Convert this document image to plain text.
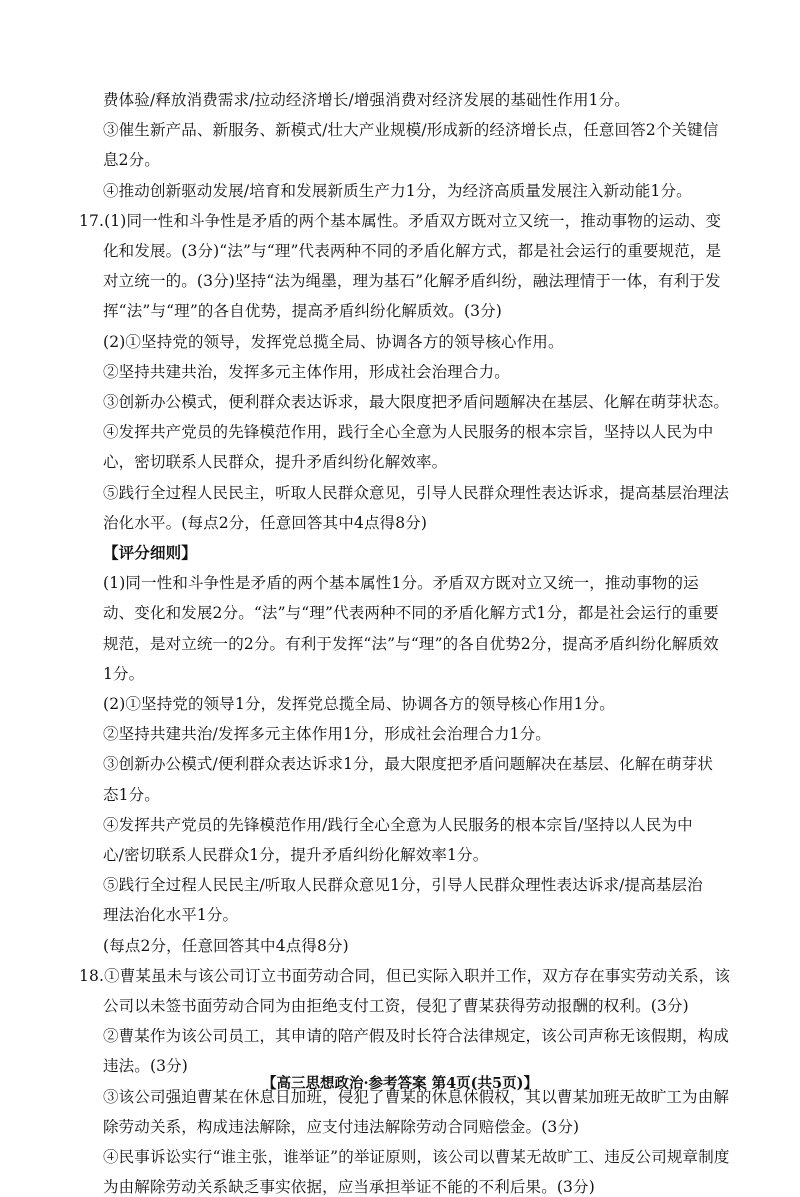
费体验/释放消费需求/拉动经济增长/增强消费对经济发展的基础性作用1分。
③催生新产品、新服务、新模式/壮大产业规模/形成新的经济增长点，任意回答2个关键信
息2分。
④推动创新驱动发展/培育和发展新质生产力1分，为经济高质量发展注入新动能1分。
17.(1)同一性和斗争性是矛盾的两个基本属性。矛盾双方既对立又统一，推动事物的运动、变
化和发展。(3分)“法”与“理”代表两种不同的矛盾化解方式，都是社会运行的重要规范，是
对立统一的。(3分)坚持“法为绳墨，理为基石”化解矛盾纠纷，融法理情于一体，有利于发
挥“法”与“理”的各自优势，提高矛盾纠纷化解质效。(3分)
(2)①坚持党的领导，发挥党总揽全局、协调各方的领导核心作用。
②坚持共建共治，发挥多元主体作用，形成社会治理合力。
③创新办公模式，便利群众表达诉求，最大限度把矛盾问题解决在基层、化解在萌芽状态。
④发挥共产党员的先锋模范作用，践行全心全意为人民服务的根本宗旨，坚持以人民为中
心，密切联系人民群众，提升矛盾纠纷化解效率。
⑤践行全过程人民民主，听取人民群众意见，引导人民群众理性表达诉求，提高基层治理法
治化水平。(每点2分，任意回答其中4点得8分)
【评分细则】
(1)同一性和斗争性是矛盾的两个基本属性1分。矛盾双方既对立又统一，推动事物的运
动、变化和发展2分。“法”与“理”代表两种不同的矛盾化解方式1分，都是社会运行的重要
规范，是对立统一的2分。有利于发挥“法”与“理”的各自优势2分，提高矛盾纠纷化解质效
1分。
(2)①坚持党的领导1分，发挥党总揽全局、协调各方的领导核心作用1分。
②坚持共建共治/发挥多元主体作用1分，形成社会治理合力1分。
③创新办公模式/便利群众表达诉求1分，最大限度把矛盾问题解决在基层、化解在萌芽状
态1分。
④发挥共产党员的先锋模范作用/践行全心全意为人民服务的根本宗旨/坚持以人民为中
心/密切联系人民群众1分，提升矛盾纠纷化解效率1分。
⑤践行全过程人民民主/听取人民群众意见1分，引导人民群众理性表达诉求/提高基层治
理法治化水平1分。
(每点2分，任意回答其中4点得8分)
18.①曹某虽未与该公司订立书面劳动合同，但已实际入职并工作，双方存在事实劳动关系，该
公司以未签书面劳动合同为由拒绝支付工资，侵犯了曹某获得劳动报酬的权利。(3分)
②曹某作为该公司员工，其申请的陪产假及时长符合法律规定，该公司声称无该假期，构成
违法。(3分)
③该公司强迫曹某在休息日加班，侵犯了曹某的休息休假权，其以曹某加班无故旷工为由解
除劳动关系，构成违法解除，应支付违法解除劳动合同赔偿金。(3分)
④民事诉讼实行“谁主张，谁举证”的举证原则，该公司以曹某无故旷工、违反公司规章制度
为由解除劳动关系缺乏事实依据，应当承担举证不能的不利后果。(3分)
【高三思想政治·参考答案 第4页(共5页)】
